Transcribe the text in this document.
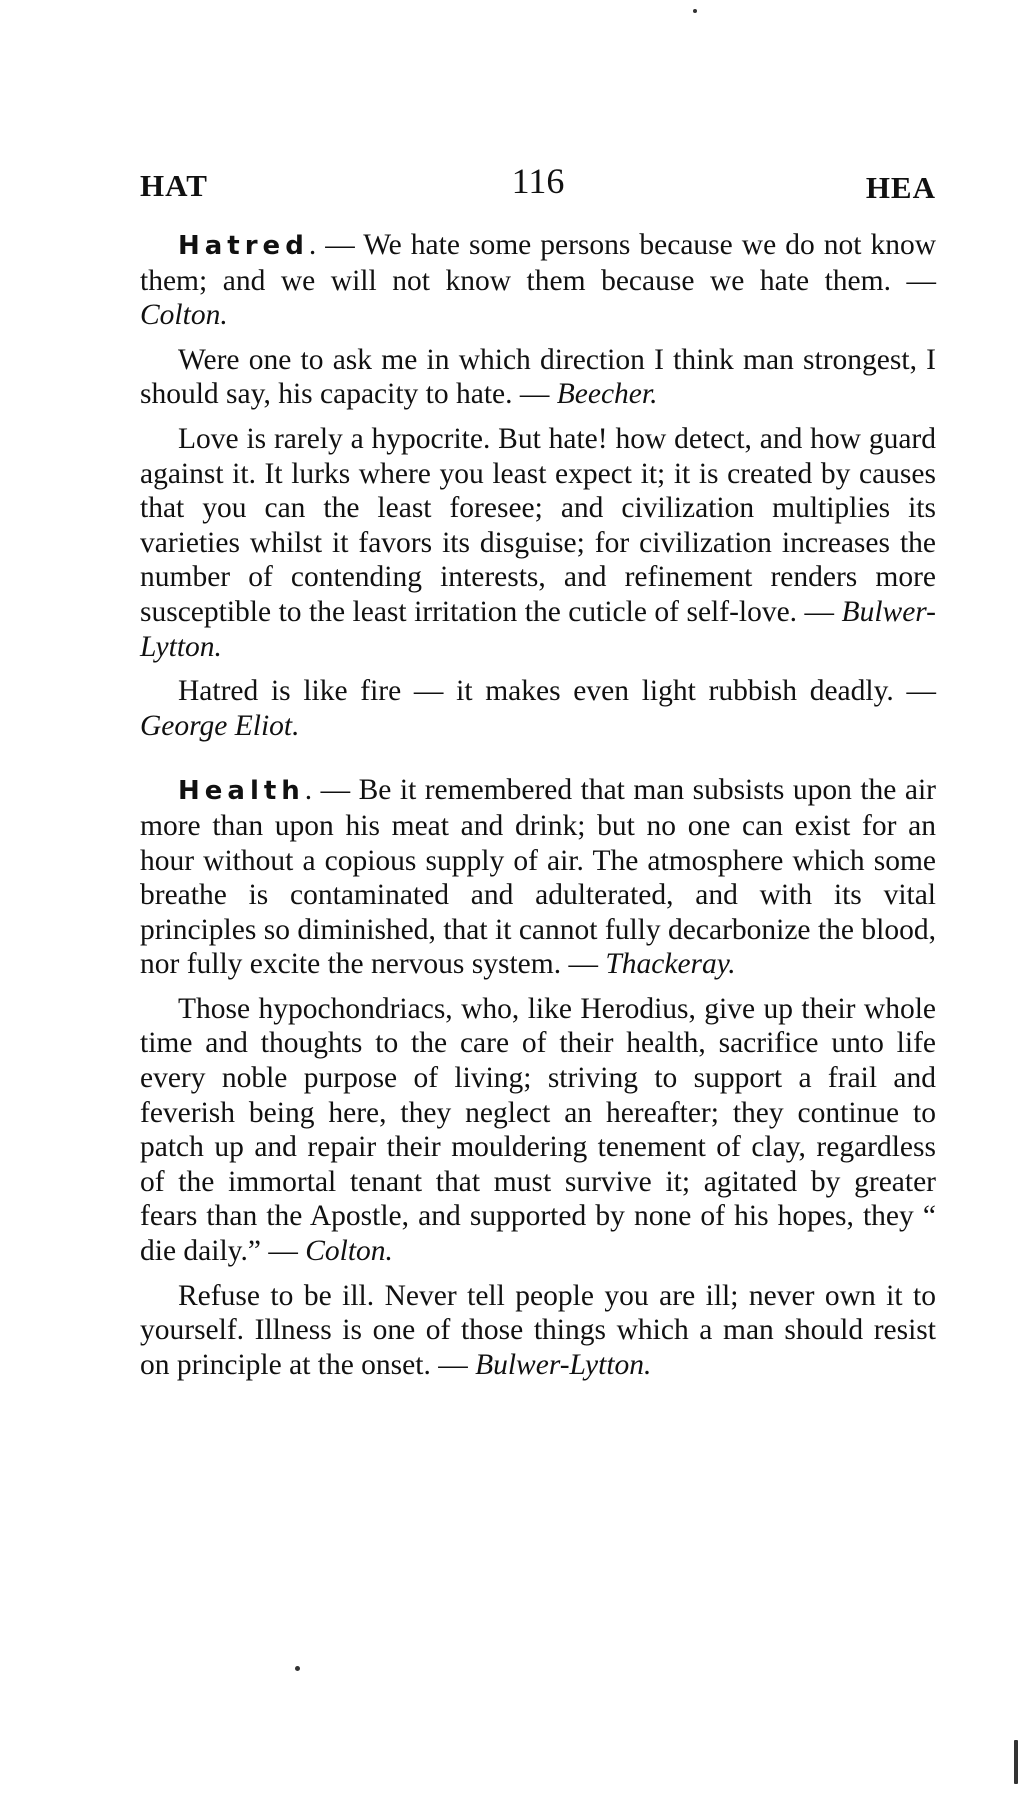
HAT	116	HEA

Hatred. — We hate some persons because we do not know them; and we will not know them because we hate them. — Colton.

Were one to ask me in which direction I think man strongest, I should say, his capacity to hate. — Beecher.

Love is rarely a hypocrite. But hate! how detect, and how guard against it. It lurks where you least expect it; it is created by causes that you can the least foresee; and civilization multiplies its varieties whilst it favors its disguise; for civilization increases the number of contending interests, and refinement renders more susceptible to the least irritation the cuticle of self-love. — Bulwer-Lytton.

Hatred is like fire — it makes even light rubbish deadly. — George Eliot.

Health. — Be it remembered that man subsists upon the air more than upon his meat and drink; but no one can exist for an hour without a copious supply of air. The atmosphere which some breathe is contaminated and adulterated, and with its vital principles so diminished, that it cannot fully decarbonize the blood, nor fully excite the nervous system. — Thackeray.

Those hypochondriacs, who, like Herodius, give up their whole time and thoughts to the care of their health, sacrifice unto life every noble purpose of living; striving to support a frail and feverish being here, they neglect an hereafter; they continue to patch up and repair their mouldering tenement of clay, regardless of the immortal tenant that must survive it; agitated by greater fears than the Apostle, and supported by none of his hopes, they “ die daily.” — Colton.

Refuse to be ill. Never tell people you are ill; never own it to yourself. Illness is one of those things which a man should resist on principle at the onset. — Bulwer-Lytton.
